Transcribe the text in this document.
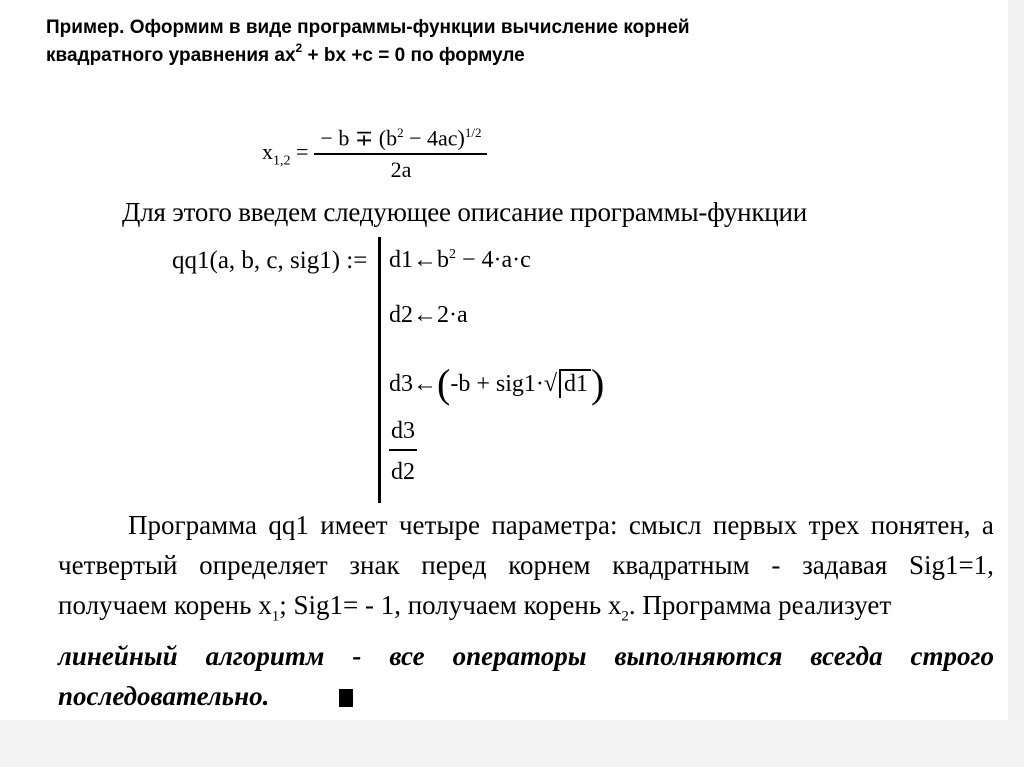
Пример. Оформим в виде программы-функции вычисление корней
квадратного уравнения $ax^2$ + bx +c = 0 по формуле
$x_{1,2} = \frac{- b \mp (b^2 - 4ac)^{1/2}}{2a}$
Для этого введем следующее описание программы-функции
qq1(a, b, c, sig1) := $d1\leftarrow b^2 - 4\cdot a\cdot c$
d2←2·a
d3←(-b + sig1·√ d1)
$\frac{d3}{d2}$
Программа qq1 имеет четыре параметра: смысл первых трех понятен, а
четвертый определяет знак перед корнем квадратным - задавая Sig1=1,
получаем корень $x_1$; Sig1= - 1, получаем корень $x_2$. Программа реализует
линейный алгоритм - все операторы выполняются всегда строго
последовательно.
